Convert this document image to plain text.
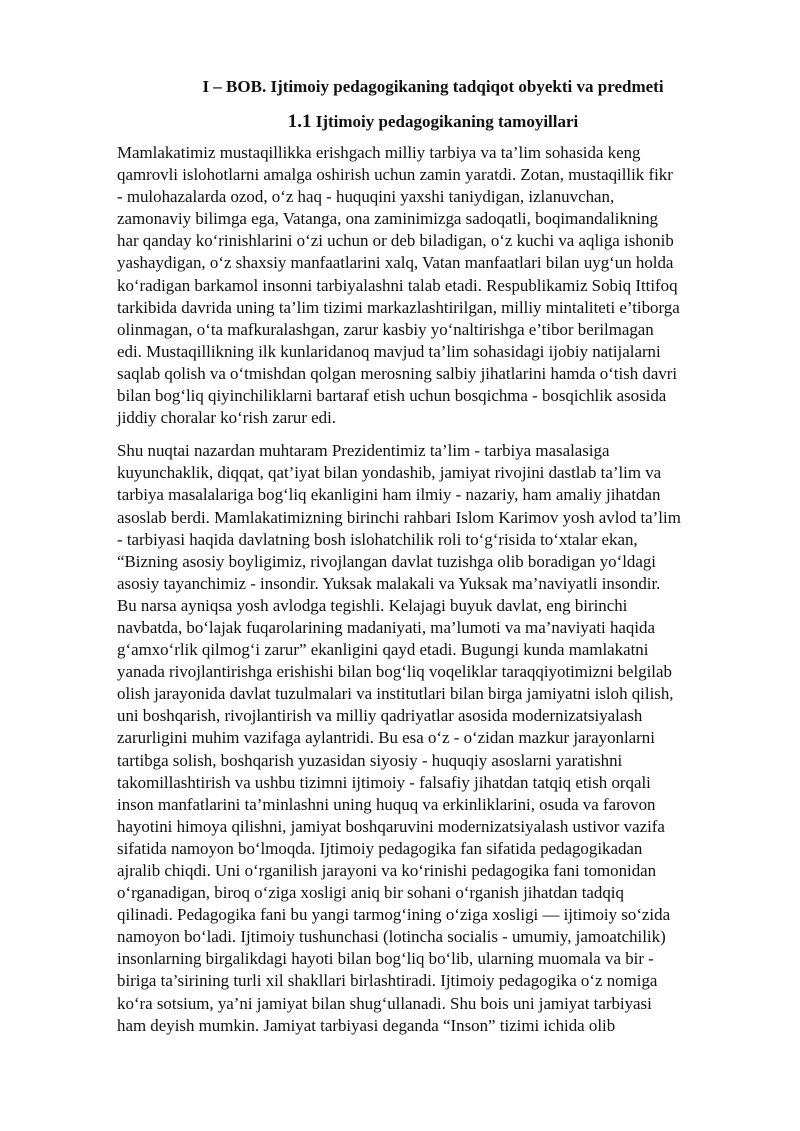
I – BOB. Ijtimoiy pedagogikaning tadqiqot obyekti va predmeti
1.1 Ijtimoiy pedagogikaning tamoyillari

Mamlakatimiz mustaqillikka erishgach milliy tarbiya va ta’lim sohasida keng
qamrovli islohotlarni amalga oshirish uchun zamin yaratdi. Zotan, mustaqillik fikr
- mulohazalarda ozod, o‘z haq - huquqini yaxshi taniydigan, izlanuvchan,
zamonaviy bilimga ega, Vatanga, ona zaminimizga sadoqatli, boqimandalikning
har qanday ko‘rinishlarini o‘zi uchun or deb biladigan, o‘z kuchi va aqliga ishonib
yashaydigan, o‘z shaxsiy manfaatlarini xalq, Vatan manfaatlari bilan uyg‘un holda
ko‘radigan barkamol insonni tarbiyalashni talab etadi. Respublikamiz Sobiq Ittifoq
tarkibida davrida uning ta’lim tizimi markazlashtirilgan, milliy mintaliteti e’tiborga
olinmagan, o‘ta mafkuralashgan, zarur kasbiy yo‘naltirishga e’tibor berilmagan
edi. Mustaqillikning ilk kunlaridanoq mavjud ta’lim sohasidagi ijobiy natijalarni
saqlab qolish va o‘tmishdan qolgan merosning salbiy jihatlarini hamda o‘tish davri
bilan bog‘liq qiyinchiliklarni bartaraf etish uchun bosqichma - bosqichlik asosida
jiddiy choralar ko‘rish zarur edi.

Shu nuqtai nazardan muhtaram Prezidentimiz ta’lim - tarbiya masalasiga
kuyunchaklik, diqqat, qat’iyat bilan yondashib, jamiyat rivojini dastlab ta’lim va
tarbiya masalalariga bog‘liq ekanligini ham ilmiy - nazariy, ham amaliy jihatdan
asoslab berdi. Mamlakatimizning birinchi rahbari Islom Karimov yosh avlod ta’lim
- tarbiyasi haqida davlatning bosh islohatchilik roli to‘g‘risida to‘xtalar ekan,
“Bizning asosiy boyligimiz, rivojlangan davlat tuzishga olib boradigan yo‘ldagi
asosiy tayanchimiz - insondir. Yuksak malakali va Yuksak ma’naviyatli insondir.
Bu narsa ayniqsa yosh avlodga tegishli. Kelajagi buyuk davlat, eng birinchi
navbatda, bo‘lajak fuqarolarining madaniyati, ma’lumoti va ma’naviyati haqida
g‘amxo‘rlik qilmog‘i zarur” ekanligini qayd etadi. Bugungi kunda mamlakatni
yanada rivojlantirishga erishishi bilan bog‘liq voqeliklar taraqqiyotimizni belgilab
olish jarayonida davlat tuzulmalari va institutlari bilan birga jamiyatni isloh qilish,
uni boshqarish, rivojlantirish va milliy qadriyatlar asosida modernizatsiyalash
zarurligini muhim vazifaga aylantridi. Bu esa o‘z - o‘zidan mazkur jarayonlarni
tartibga solish, boshqarish yuzasidan siyosiy - huquqiy asoslarni yaratishni
takomillashtirish va ushbu tizimni ijtimoiy - falsafiy jihatdan tatqiq etish orqali
inson manfatlarini ta’minlashni uning huquq va erkinliklarini, osuda va farovon
hayotini himoya qilishni, jamiyat boshqaruvini modernizatsiyalash ustivor vazifa
sifatida namoyon bo‘lmoqda. Ijtimoiy pedagogika fan sifatida pedagogikadan
ajralib chiqdi. Uni o‘rganilish jarayoni va ko‘rinishi pedagogika fani tomonidan
o‘rganadigan, biroq o‘ziga xosligi aniq bir sohani o‘rganish jihatdan tadqiq
qilinadi. Pedagogika fani bu yangi tarmog‘ining o‘ziga xosligi — ijtimoiy so‘zida
namoyon bo‘ladi. Ijtimoiy tushunchasi (lotincha socialis - umumiy, jamoatchilik)
insonlarning birgalikdagi hayoti bilan bog‘liq bo‘lib, ularning muomala va bir -
biriga ta’sirining turli xil shakllari birlashtiradi. Ijtimoiy pedagogika o‘z nomiga
ko‘ra sotsium, ya’ni jamiyat bilan shug‘ullanadi. Shu bois uni jamiyat tarbiyasi
ham deyish mumkin. Jamiyat tarbiyasi deganda “Inson” tizimi ichida olib
